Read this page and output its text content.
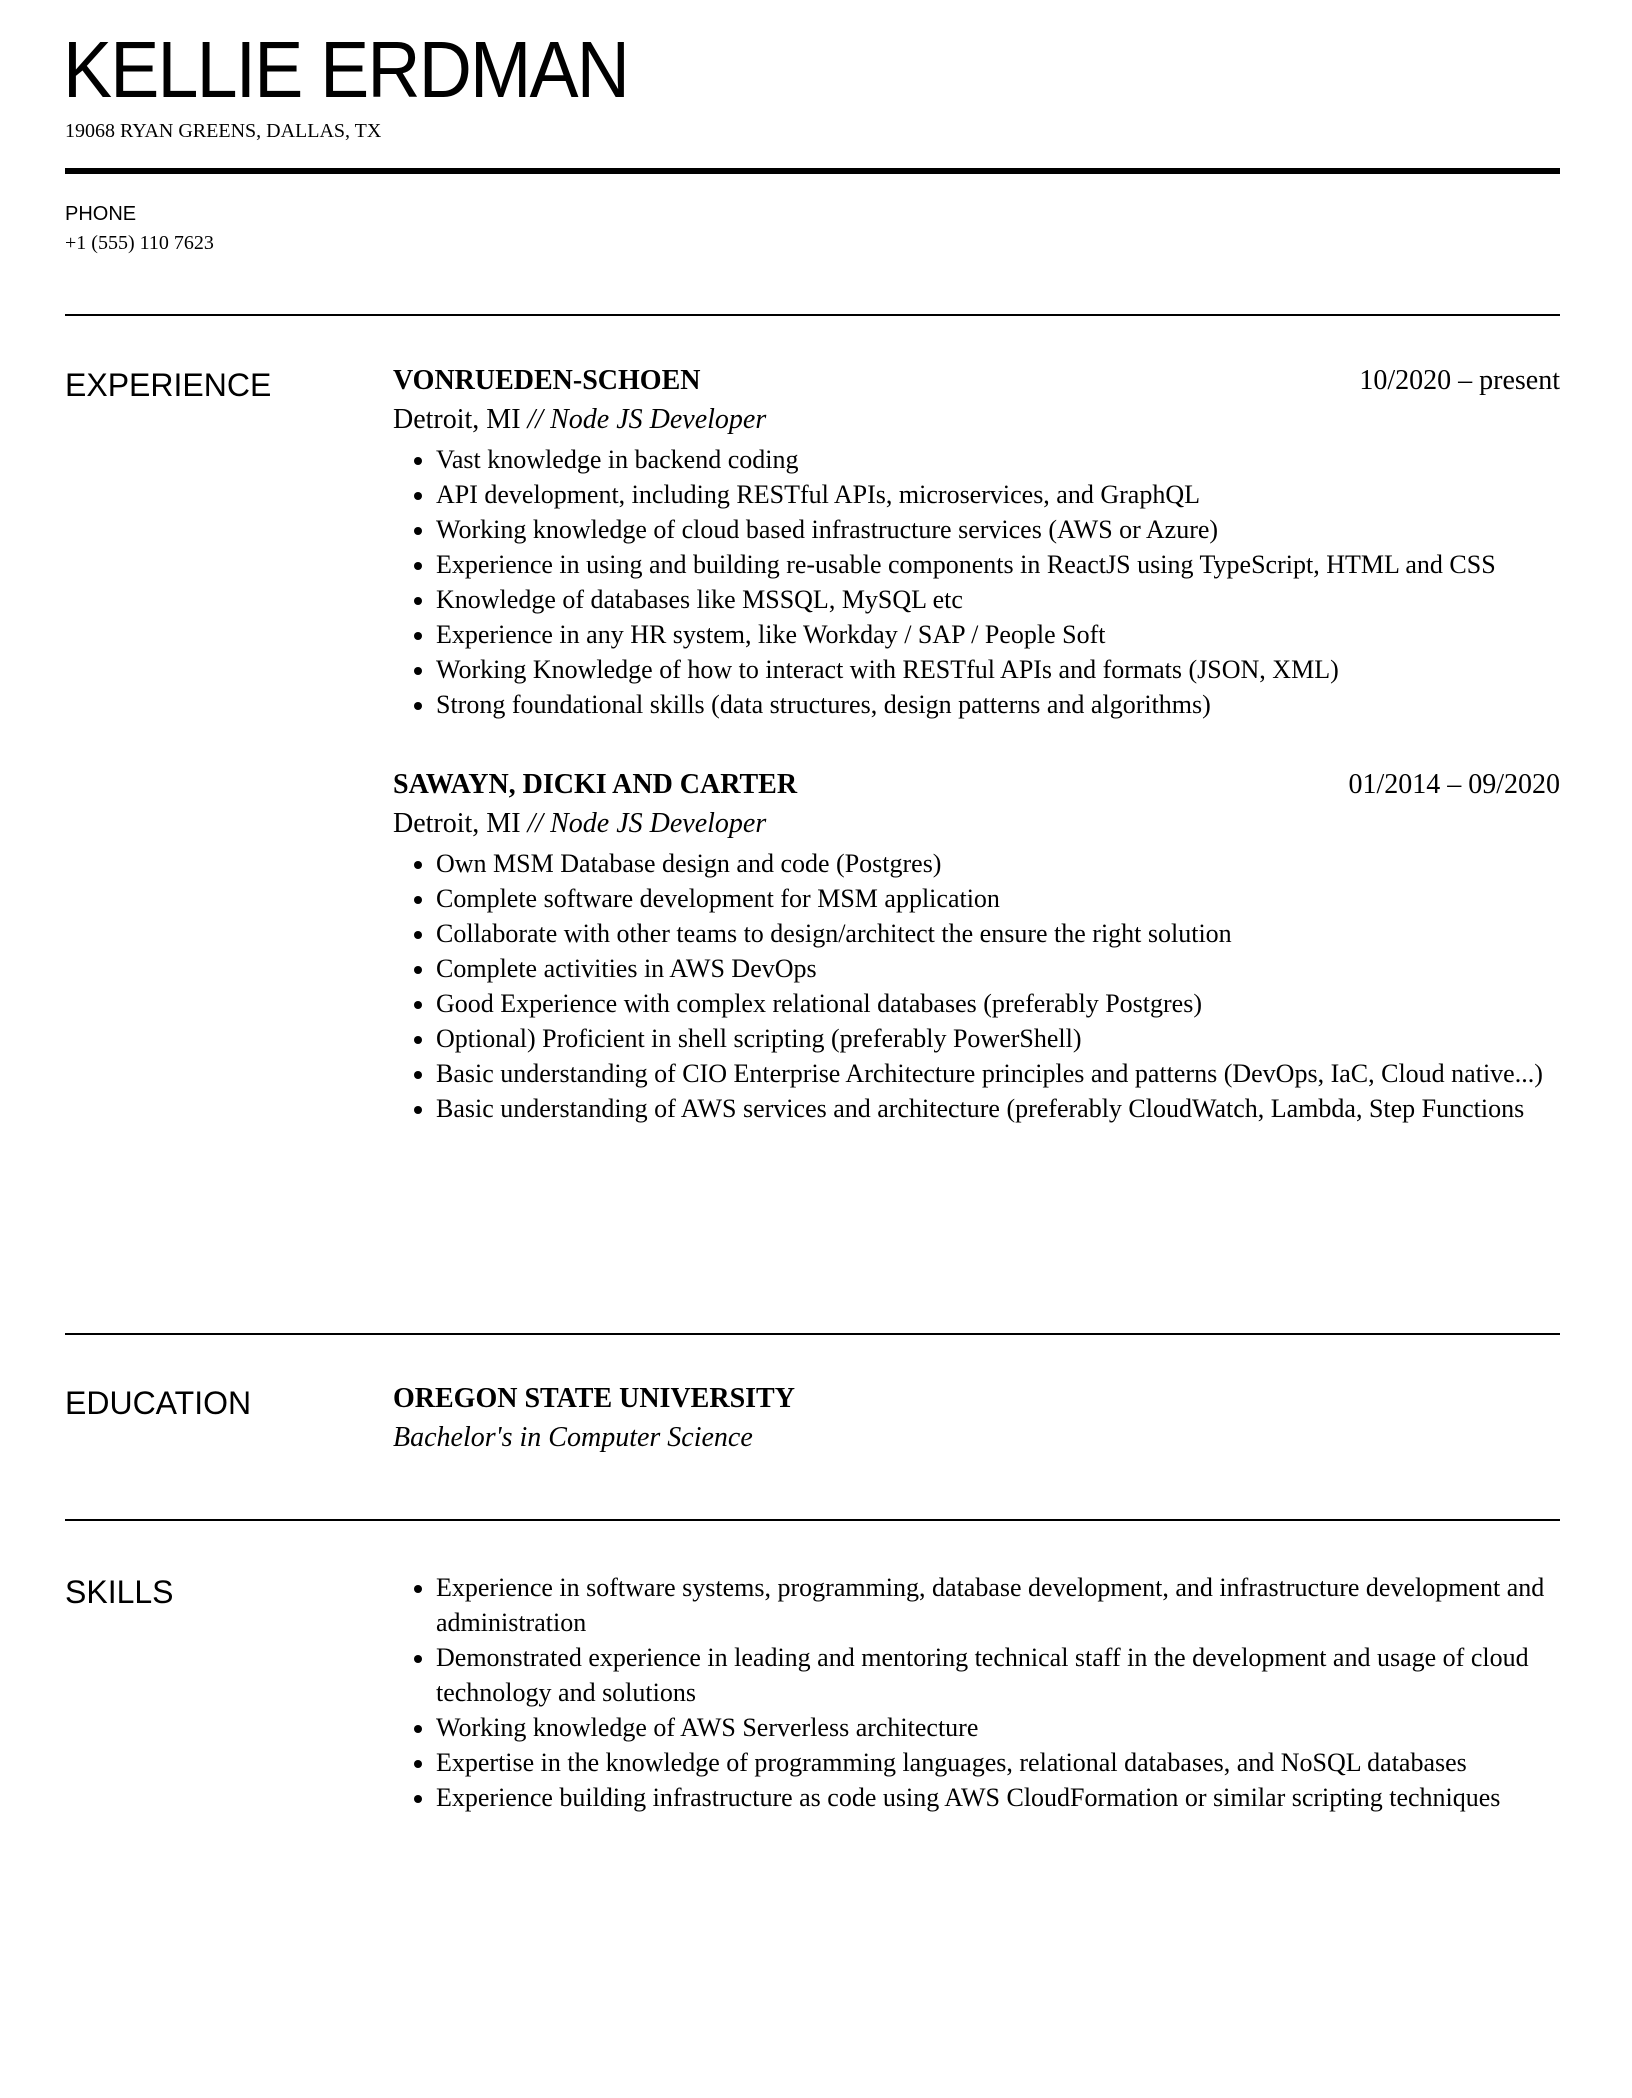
KELLIE ERDMAN
19068 RYAN GREENS, DALLAS, TX
PHONE
+1 (555) 110 7623
EXPERIENCE	VONRUEDEN-SCHOEN	10/2020 – present
Detroit, MI // Node JS Developer
• Vast knowledge in backend coding
• API development, including RESTful APIs, microservices, and GraphQL
• Working knowledge of cloud based infrastructure services (AWS or Azure)
• Experience in using and building re-usable components in ReactJS using TypeScript, HTML and CSS
• Knowledge of databases like MSSQL, MySQL etc
• Experience in any HR system, like Workday / SAP / People Soft
• Working Knowledge of how to interact with RESTful APIs and formats (JSON, XML)
• Strong foundational skills (data structures, design patterns and algorithms)
SAWAYN, DICKI AND CARTER	01/2014 – 09/2020
Detroit, MI // Node JS Developer
• Own MSM Database design and code (Postgres)
• Complete software development for MSM application
• Collaborate with other teams to design/architect the ensure the right solution
• Complete activities in AWS DevOps
• Good Experience with complex relational databases (preferably Postgres)
• Optional) Proficient in shell scripting (preferably PowerShell)
• Basic understanding of CIO Enterprise Architecture principles and patterns (DevOps, IaC, Cloud native...)
• Basic understanding of AWS services and architecture (preferably CloudWatch, Lambda, Step Functions
EDUCATION	OREGON STATE UNIVERSITY
Bachelor's in Computer Science
SKILLS	• Experience in software systems, programming, database development, and infrastructure development and administration
• Demonstrated experience in leading and mentoring technical staff in the development and usage of cloud technology and solutions
• Working knowledge of AWS Serverless architecture
• Expertise in the knowledge of programming languages, relational databases, and NoSQL databases
• Experience building infrastructure as code using AWS CloudFormation or similar scripting techniques
